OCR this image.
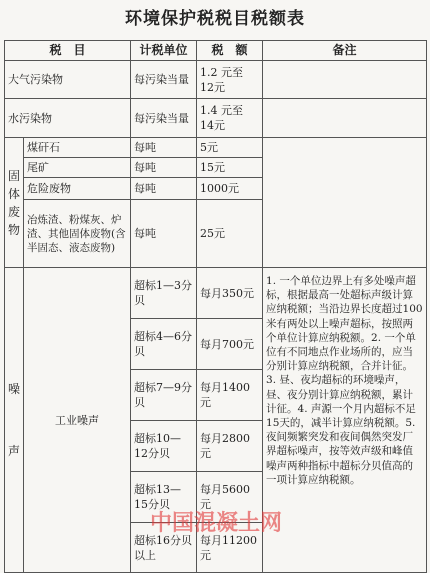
环境保护税税目税额表
税　目		计税单位	税　额	备注
大气污染物		每污染当量	1.2 元至
12元	

水污染物		每污染当量	1.4 元至
14元	

固
体
废
物	煤矸石	每吨	5元	
	尾矿	每吨	15元	
	危险废物	每吨	1000元	
	冶炼渣、粉煤灰、炉渣、其他固体废物(含半固态、液态废物)	每吨	25元	

噪
声	工业噪声	超标1—3分贝	每月350元	1. 一个单位边界上有多处噪声超标，根据最高一处超标声级计算应纳税额；当沿边界长度超过100米有两处以上噪声超标，按照两个单位计算应纳税额。2. 一个单位有不同地点作业场所的，应当分别计算应纳税额，合并计征。3. 昼、夜均超标的环境噪声，昼、夜分别计算应纳税额，累计计征。4. 声源一个月内超标不足15天的，减半计算应纳税额。5. 夜间频繁突发和夜间偶然突发厂界超标噪声，按等效声级和峰值噪声两种指标中超标分贝值高的一项计算应纳税额。
		超标4—6分贝	每月700元	
		超标7—9分贝	每月1400元	
		超标10—12分贝	每月2800元	
		超标13—15分贝	每月5600元	
		超标16分贝以上	每月11200元	
中国混凝土网
